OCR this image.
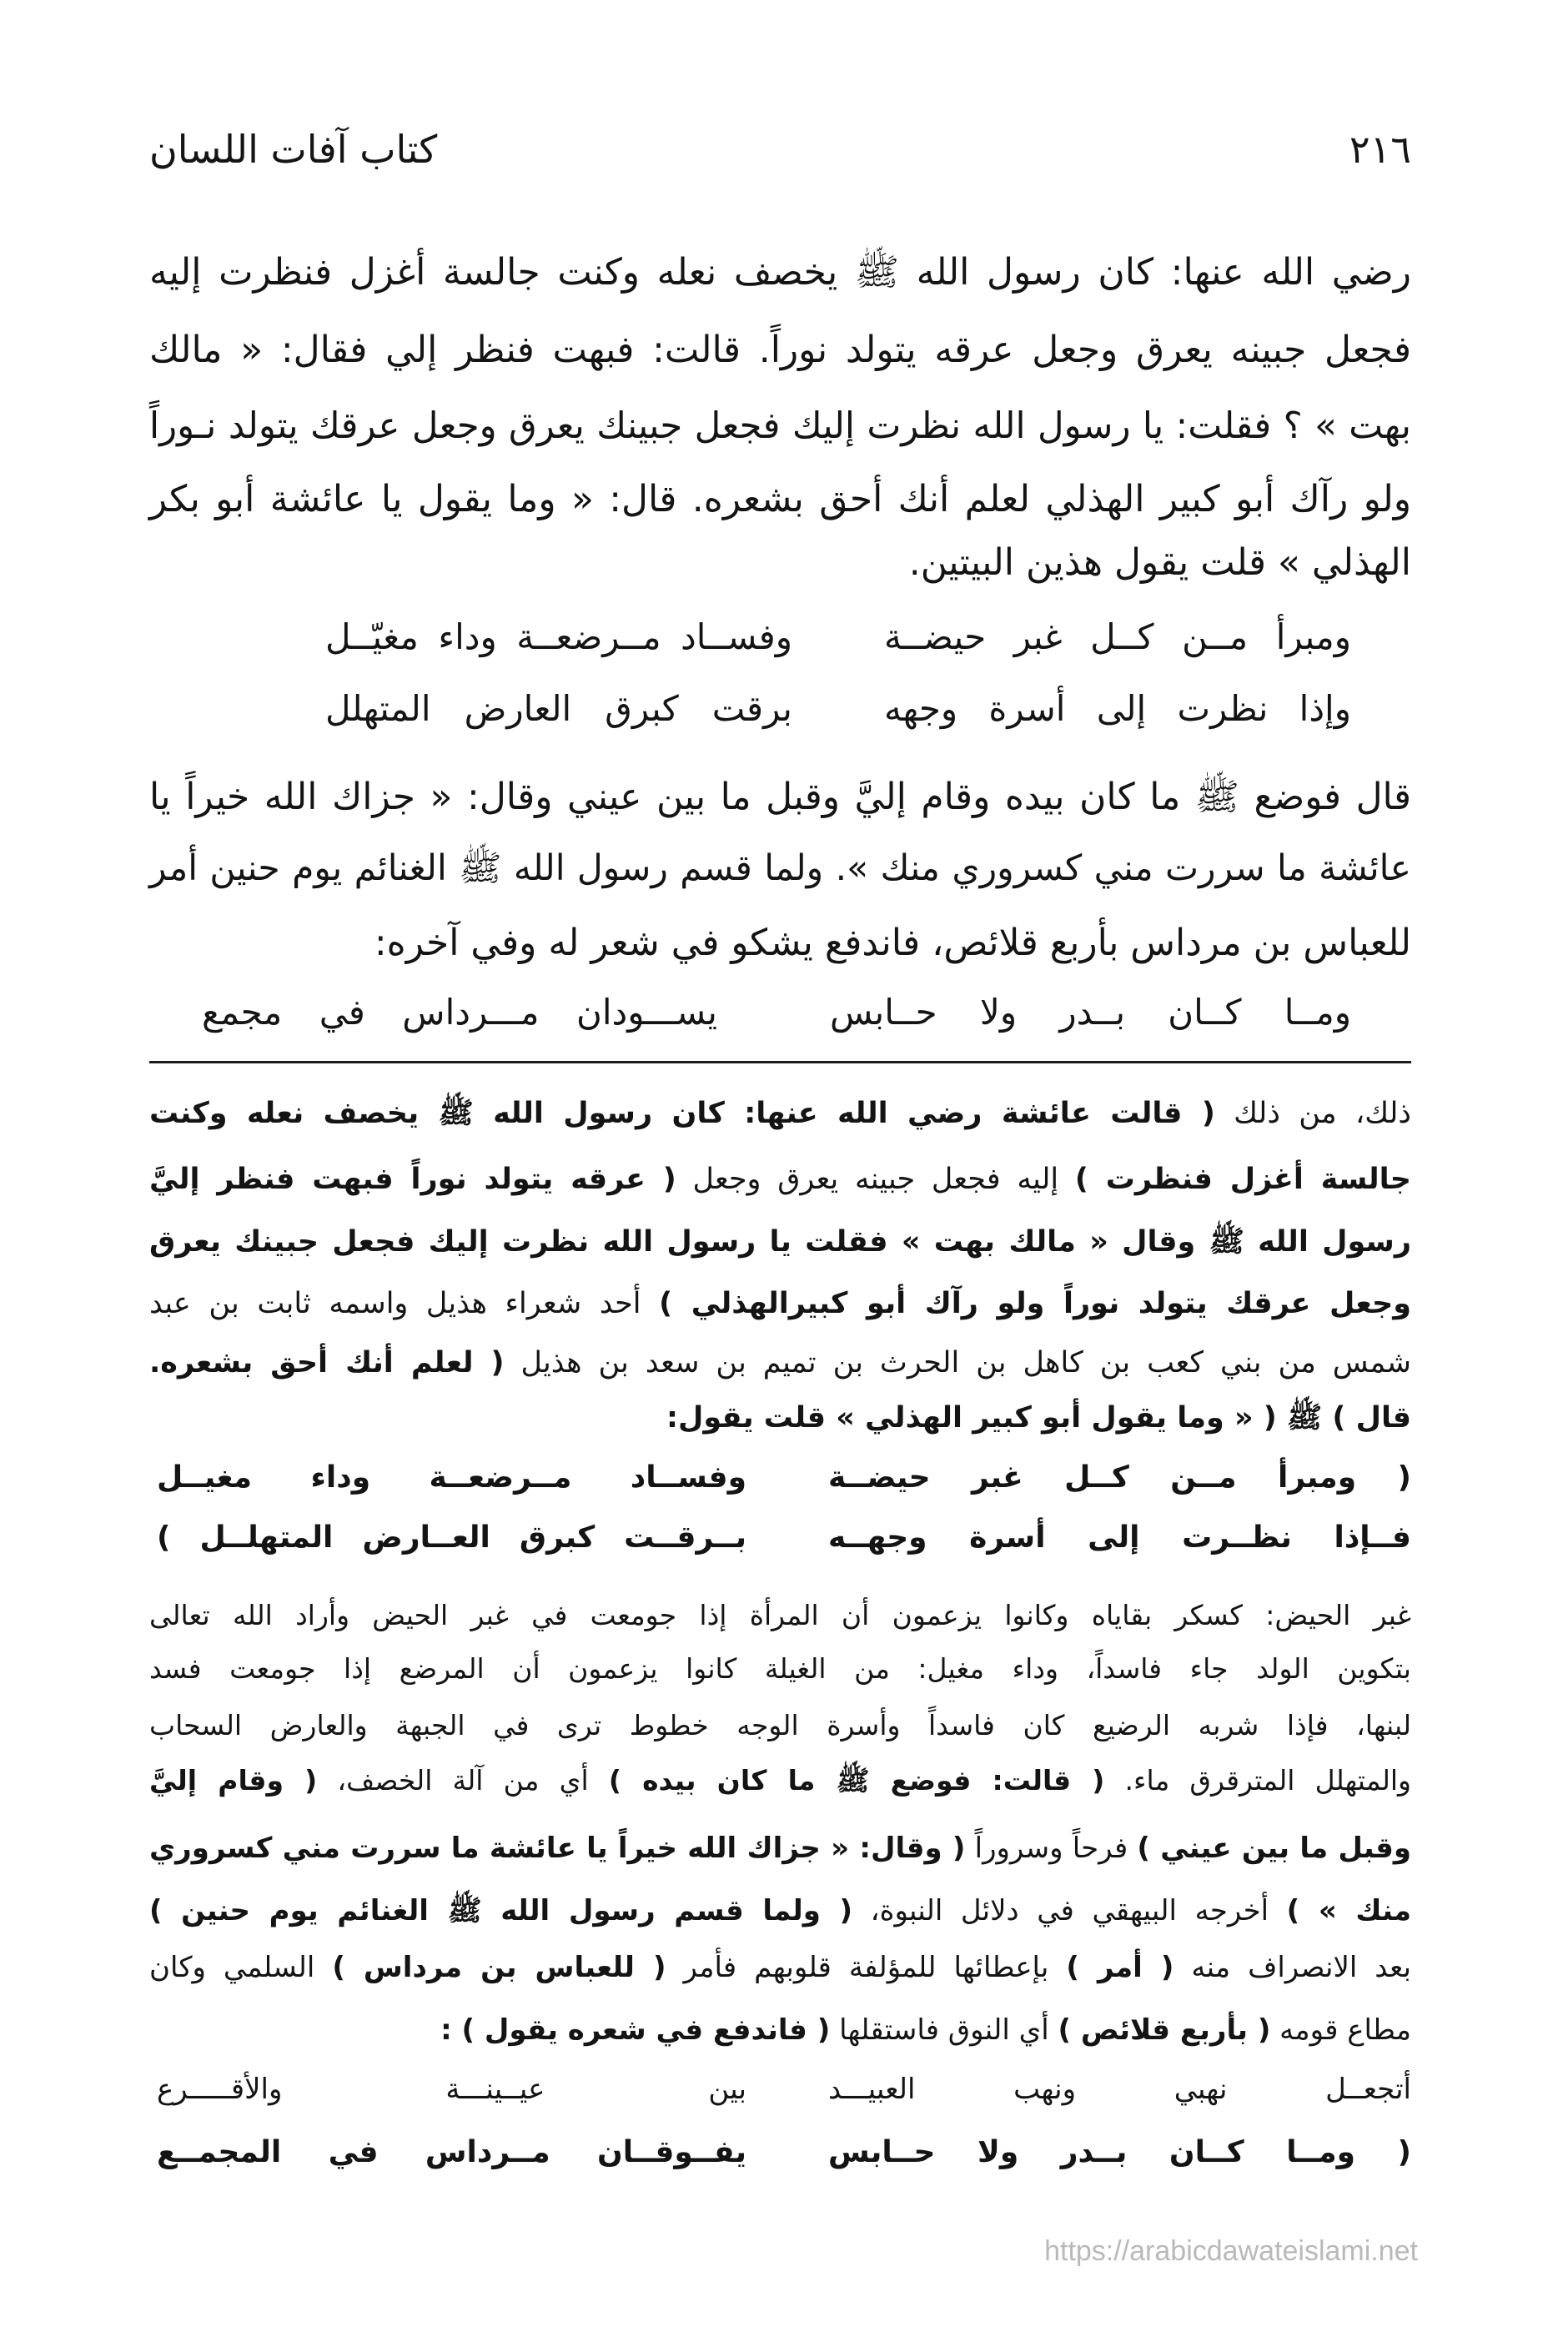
٢١٦
كتاب آفات اللسان
رضي الله عنها: كان رسول الله ﷺ يخصف نعله وكنت جالسة أغزل فنظرت إليه
فجعل جبينه يعرق وجعل عرقه يتولد نوراً. قالت: فبهت فنظر إلي فقال: « مالك
بهت » ؟ فقلت: يا رسول الله نظرت إليك فجعل جبينك يعرق وجعل عرقك يتولد نـوراً
ولو رآك أبو كبير الهذلي لعلم أنك أحق بشعره. قال: « وما يقول يا عائشة أبو بكر
الهذلي » قلت يقول هذين البيتين.
ومبرأ مــن كــل غبر حيضــة
وفســاد مــرضعــة وداء مغيّــل
وإذا نظرت إلى أسرة وجهه
برقت كبرق العارض المتهلل
قال فوضع ﷺ ما كان بيده وقام إليَّ وقبل ما بين عيني وقال: « جزاك الله خيراً يا
عائشة ما سررت مني كسروري منك ». ولما قسم رسول الله ﷺ الغنائم يوم حنين أمر
للعباس بن مرداس بأربع قلائص، فاندفع يشكو في شعر له وفي آخره:
ومــا كــان بــدر ولا حــابس
يســـودان مـــرداس في مجمع
ذلك، من ذلك ( قالت عائشة رضي الله عنها: كان رسول الله ﷺ يخصف نعله وكنت
جالسة أغزل فنظرت ) إليه فجعل جبينه يعرق وجعل ( عرقه يتولد نوراً فبهت فنظر إليَّ
رسول الله ﷺ وقال « مالك بهت » فقلت يا رسول الله نظرت إليك فجعل جبينك يعرق
وجعل عرقك يتولد نوراً ولو رآك أبو كبيرالهذلي ) أحد شعراء هذيل واسمه ثابت بن عبد
شمس من بني كعب بن كاهل بن الحرث بن تميم بن سعد بن هذيل ( لعلم أنك أحق بشعره.
قال ) ﷺ ( « وما يقول أبو كبير الهذلي » قلت يقول:
( ومبرأ مــن كــل غبر حيضــة
وفســاد مــرضعــة وداء مغيــل
فــإذا نظــرت إلى أسرة وجهــه
بــرقــت كبرق العــارض المتهلــل )
غبر الحيض: كسكر بقاياه وكانوا يزعمون أن المرأة إذا جومعت في غبر الحيض وأراد الله تعالى
بتكوين الولد جاء فاسداً، وداء مغيل: من الغيلة كانوا يزعمون أن المرضع إذا جومعت فسد
لبنها، فإذا شربه الرضيع كان فاسداً وأسرة الوجه خطوط ترى في الجبهة والعارض السحاب
والمتهلل المترقرق ماء. ( قالت: فوضع ﷺ ما كان بيده ) أي من آلة الخصف، ( وقام إليَّ
وقبل ما بين عيني ) فرحاً وسروراً ( وقال: « جزاك الله خيراً يا عائشة ما سررت مني كسروري
منك » ) أخرجه البيهقي في دلائل النبوة، ( ولما قسم رسول الله ﷺ الغنائم يوم حنين )
بعد الانصراف منه ( أمر ) بإعطائها للمؤلفة قلوبهم فأمر ( للعباس بن مرداس ) السلمي وكان
مطاع قومه ( بأربع قلائص ) أي النوق فاستقلها ( فاندفع في شعره يقول ) :
أتجعــل نهبي ونهب العبيـــد
بين عيــينـــة والأقـــــرع
( ومــا كــان بــدر ولا حــابس
يفــوقــان مــرداس في المجمــع
https://arabicdawateislami.net
